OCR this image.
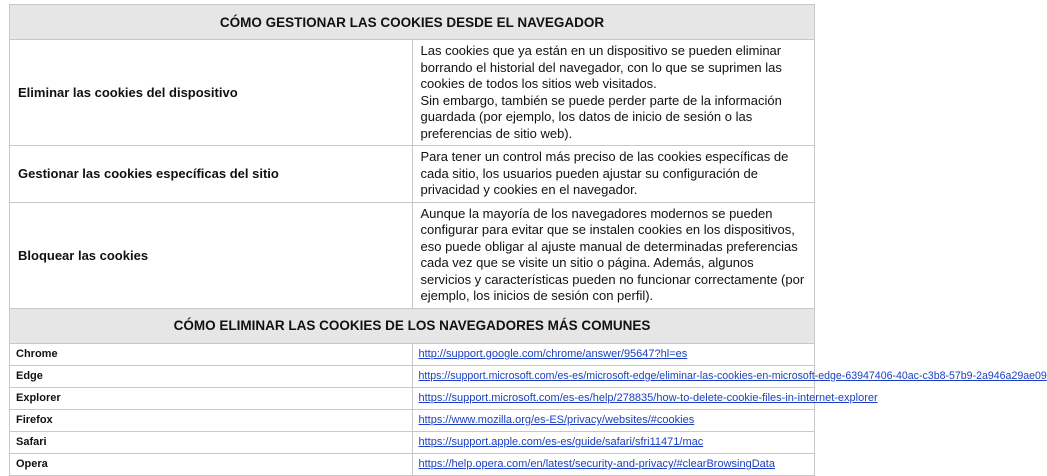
CÓMO GESTIONAR LAS COOKIES DESDE EL NAVEGADOR	
Eliminar las cookies del dispositivo	Las cookies que ya están en un dispositivo se pueden eliminar borrando el historial del navegador, con lo que se suprimen las cookies de todos los sitios web visitados.

Sin embargo, también se puede perder parte de la información guardada (por ejemplo, los datos de inicio de sesión o las preferencias de sitio web).

Gestionar las cookies específicas del sitio	Para tener un control más preciso de las cookies específicas de cada sitio, los usuarios pueden ajustar su configuración de privacidad y cookies en el navegador.
Bloquear las cookies	Aunque la mayoría de los navegadores modernos se pueden configurar para evitar que se instalen cookies en los dispositivos, eso puede obligar al ajuste manual de determinadas preferencias cada vez que se visite un sitio o página. Además, algunos servicios y características pueden no funcionar correctamente (por ejemplo, los inicios de sesión con perfil).
CÓMO ELIMINAR LAS COOKIES DE LOS NAVEGADORES MÁS COMUNES	
Chrome	http://support.google.com/chrome/answer/95647?hl=es
Edge	https://support.microsoft.com/es-es/microsoft-edge/eliminar-las-cookies-en-microsoft-edge-63947406-40ac-c3b8-57b9-2a946a29ae09
Explorer	https://support.microsoft.com/es-es/help/278835/how-to-delete-cookie-files-in-internet-explorer
Firefox	https://www.mozilla.org/es-ES/privacy/websites/#cookies
Safari	https://support.apple.com/es-es/guide/safari/sfri11471/mac
Opera	https://help.opera.com/en/latest/security-and-privacy/#clearBrowsingData
